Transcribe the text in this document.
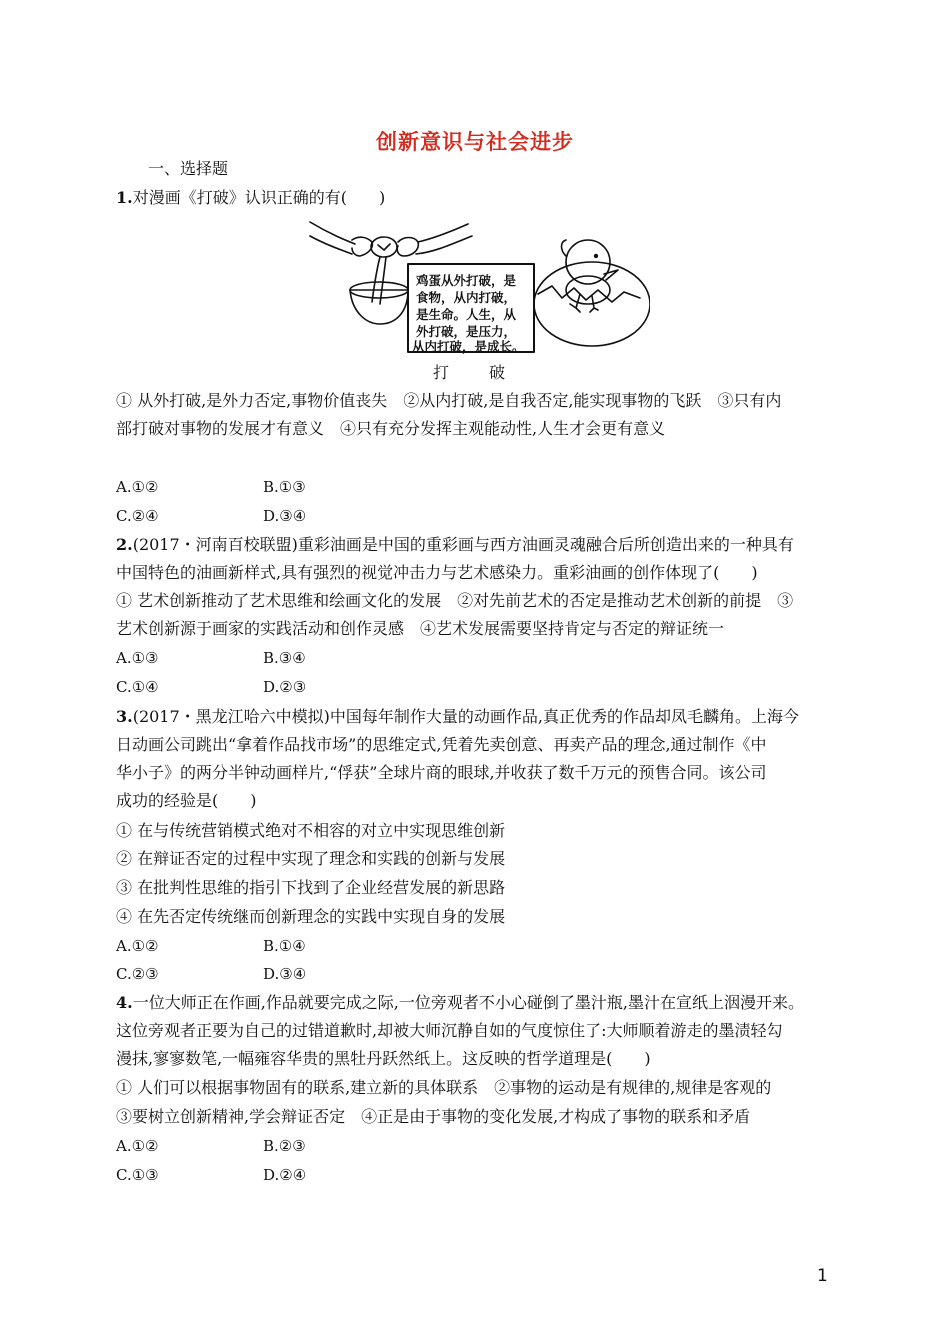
创新意识与社会进步
一、选择题
1.对漫画《打破》认识正确的有(　　)
鸡蛋从外打破，是
食物，从内打破，
是生命。人生，从
外打破，是压力，
从内打破，是成长。
打　破
① 从外打破,是外力否定,事物价值丧失　②从内打破,是自我否定,能实现事物的飞跃　③只有内
部打破对事物的发展才有意义　④只有充分发挥主观能动性,人生才会更有意义
A.①②	B.①③
C.②④	D.③④
2.(2017・河南百校联盟)重彩油画是中国的重彩画与西方油画灵魂融合后所创造出来的一种具有
中国特色的油画新样式,具有强烈的视觉冲击力与艺术感染力。重彩油画的创作体现了(　　)
① 艺术创新推动了艺术思维和绘画文化的发展　②对先前艺术的否定是推动艺术创新的前提　③
艺术创新源于画家的实践活动和创作灵感　④艺术发展需要坚持肯定与否定的辩证统一
A.①③	B.③④
C.①④	D.②③
3.(2017・黑龙江哈六中模拟)中国每年制作大量的动画作品,真正优秀的作品却凤毛麟角。上海今
日动画公司跳出“拿着作品找市场”的思维定式,凭着先卖创意、再卖产品的理念,通过制作《中
华小子》的两分半钟动画样片,“俘获”全球片商的眼球,并收获了数千万元的预售合同。该公司
成功的经验是(　　)
① 在与传统营销模式绝对不相容的对立中实现思维创新
② 在辩证否定的过程中实现了理念和实践的创新与发展
③ 在批判性思维的指引下找到了企业经营发展的新思路
④ 在先否定传统继而创新理念的实践中实现自身的发展
A.①②	B.①④
C.②③	D.③④
4.一位大师正在作画,作品就要完成之际,一位旁观者不小心碰倒了墨汁瓶,墨汁在宣纸上洇漫开来。
这位旁观者正要为自己的过错道歉时,却被大师沉静自如的气度惊住了:大师顺着游走的墨渍轻勾
漫抹,寥寥数笔,一幅雍容华贵的黑牡丹跃然纸上。这反映的哲学道理是(　　)
① 人们可以根据事物固有的联系,建立新的具体联系　②事物的运动是有规律的,规律是客观的
③要树立创新精神,学会辩证否定　④正是由于事物的变化发展,才构成了事物的联系和矛盾
A.①②	B.②③
C.①③	D.②④
1
